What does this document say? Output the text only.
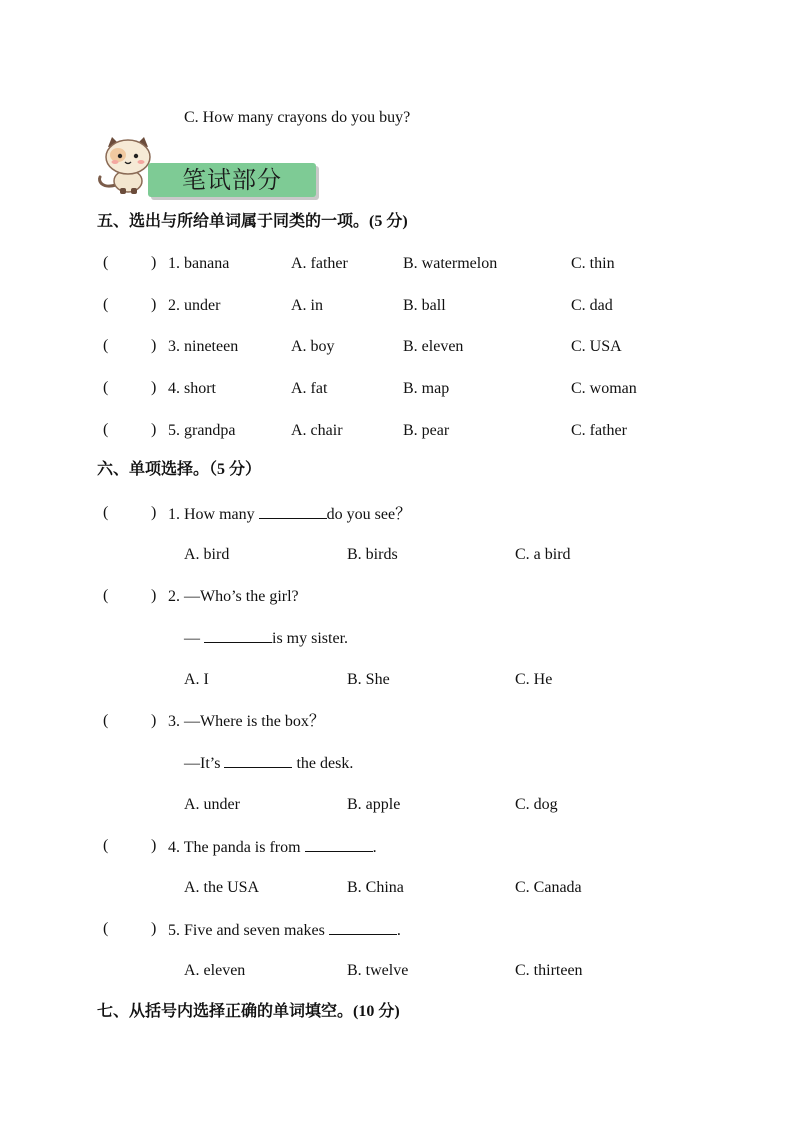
C. How many crayons do you buy?
笔试部分
五、选出与所给单词属于同类的一项。(5 分)
(	) 1. banana	A. father	B. watermelon	C. thin
(	) 2. under	A. in	B. ball	C. dad
(	) 3. nineteen	A. boy	B. eleven	C. USA
(	) 4. short	A. fat	B. map	C. woman
(	) 5. grandpa	A. chair	B. pear	C. father
六、单项选择。（5 分）
(	) 1. How many	do you see？
A. bird	B. birds	C. a bird
(	) 2. —Who’s the girl?
—	is my sister.
A. I	B. She	C. He
(	) 3. —Where is the box？
—It’s	the desk.
A. under	B. apple	C. dog
(	) 4. The panda is from	.
A. the USA	B. China	C. Canada
(	) 5. Five and seven makes	.
A. eleven	B. twelve	C. thirteen
七、从括号内选择正确的单词填空。(10 分)
